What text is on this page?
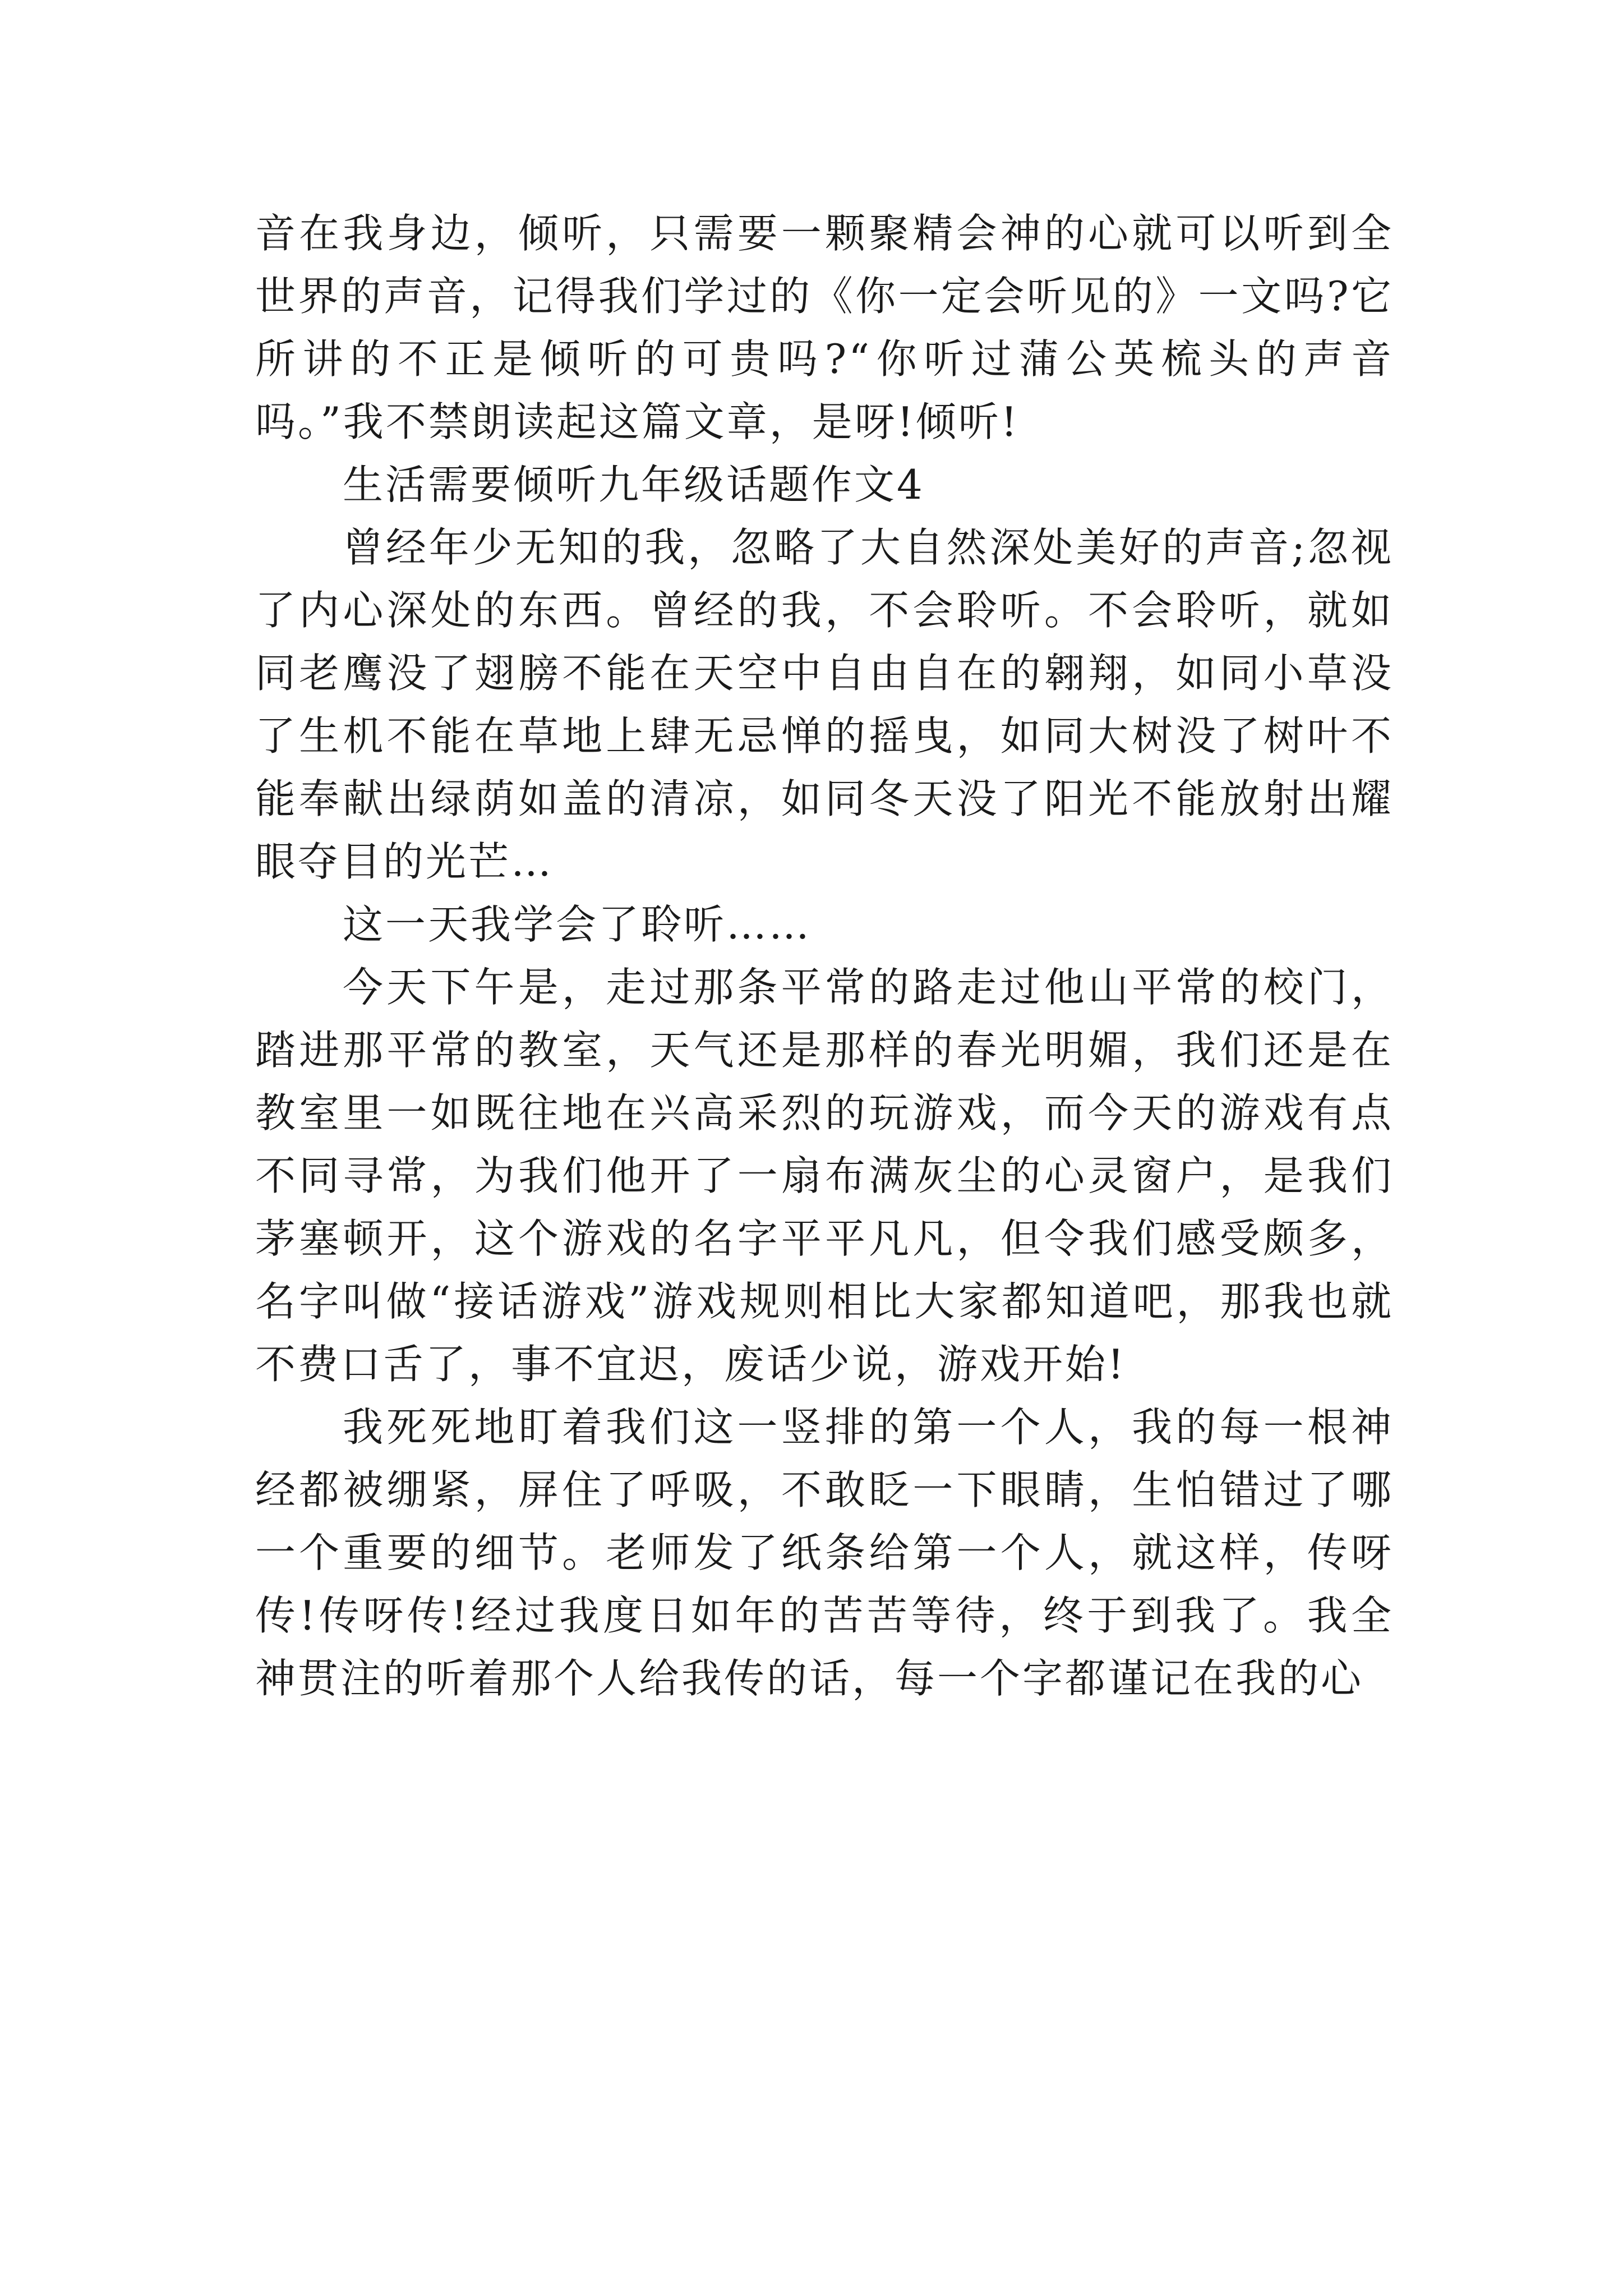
音在我身边，倾听，只需要一颗聚精会神的心就可以听到全世界的声音，记得我们学过的《你一定会听见的》一文吗?它所讲的不正是倾听的可贵吗?“你听过蒲公英梳头的声音吗。”我不禁朗读起这篇文章，是呀!倾听!

生活需要倾听九年级话题作文4

曾经年少无知的我，忽略了大自然深处美好的声音;忽视了内心深处的东西。曾经的我，不会聆听。不会聆听，就如同老鹰没了翅膀不能在天空中自由自在的翱翔，如同小草没了生机不能在草地上肆无忌惮的摇曳，如同大树没了树叶不能奉献出绿荫如盖的清凉，如同冬天没了阳光不能放射出耀眼夺目的光芒…

这一天我学会了聆听……

今天下午是，走过那条平常的路走过他山平常的校门，踏进那平常的教室，天气还是那样的春光明媚，我们还是在教室里一如既往地在兴高采烈的玩游戏，而今天的游戏有点不同寻常，为我们他开了一扇布满灰尘的心灵窗户，是我们茅塞顿开，这个游戏的名字平平凡凡，但令我们感受颇多，名字叫做“接话游戏”游戏规则相比大家都知道吧，那我也就不费口舌了，事不宜迟，废话少说，游戏开始!

我死死地盯着我们这一竖排的第一个人，我的每一根神经都被绷紧，屏住了呼吸，不敢眨一下眼睛，生怕错过了哪一个重要的细节。老师发了纸条给第一个人，就这样，传呀传!传呀传!经过我度日如年的苦苦等待，终于到我了。我全神贯注的听着那个人给我传的话，每一个字都谨记在我的心
